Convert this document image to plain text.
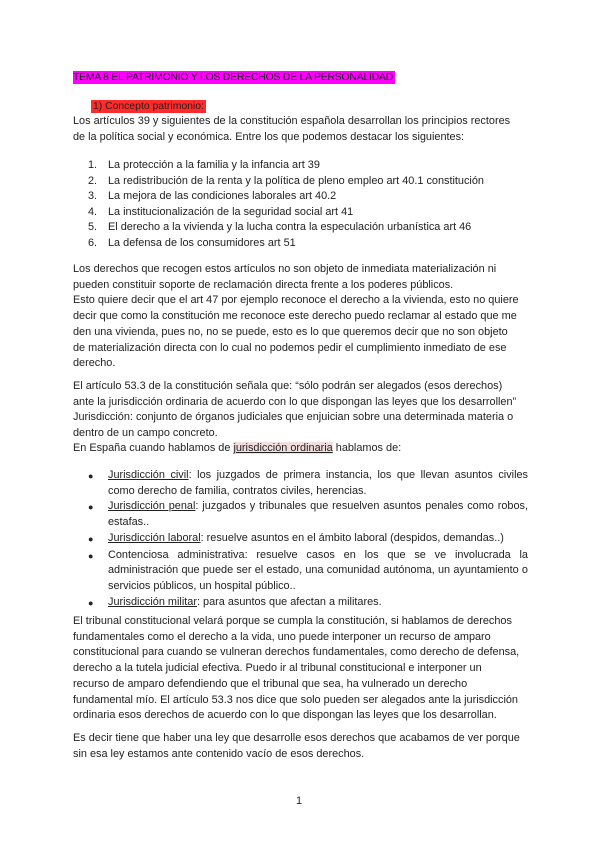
TEMA 8 EL PATRIMONIO Y LOS DERECHOS DE LA PERSONALIDAD
1) Concepto patrimonio:

Los artículos 39 y siguientes de la constitución española desarrollan los principios rectores
de la política social y económica. Entre los que podemos destacar los siguientes:

1.	La protección a la familia y la infancia art 39
2.	La redistribución de la renta y la política de pleno empleo art 40.1 constitución
3.	La mejora de las condiciones laborales art 40.2
4.	La institucionalización de la seguridad social art 41
5.	El derecho a la vivienda y la lucha contra la especulación urbanística art 46
6.	La defensa de los consumidores art 51

Los derechos que recogen estos artículos no son objeto de inmediata materialización ni
pueden constituir soporte de reclamación directa frente a los poderes públicos.
Esto quiere decir que el art 47 por ejemplo reconoce el derecho a la vivienda, esto no quiere
decir que como la constitución me reconoce este derecho puedo reclamar al estado que me
den una vivienda, pues no, no se puede, esto es lo que queremos decir que no son objeto
de materialización directa con lo cual no podemos pedir el cumplimiento inmediato de ese
derecho.

El artículo 53.3 de la constitución señala que: “sólo podrán ser alegados (esos derechos)
ante la jurisdicción ordinaria de acuerdo con lo que dispongan las leyes que los desarrollen”
Jurisdicción: conjunto de órganos judiciales que enjuician sobre una determinada materia o
dentro de un campo concreto.

En España cuando hablamos de jurisdicción ordinaria hablamos de:

●	Jurisdicción civil: los juzgados de primera instancia, los que llevan asuntos civiles como derecho de familia, contratos civiles, herencias.
●	Jurisdicción penal: juzgados y tribunales que resuelven asuntos penales como robos, estafas..
●	Jurisdicción laboral: resuelve asuntos en el ámbito laboral (despidos, demandas..)
●	Contenciosa administrativa: resuelve casos en los que se ve involucrada la administración que puede ser el estado, una comunidad autónoma, un ayuntamiento o servicios públicos, un hospital público..
●	Jurisdicción militar: para asuntos que afectan a militares.

El tribunal constitucional velará porque se cumpla la constitución, si hablamos de derechos
fundamentales como el derecho a la vida, uno puede interponer un recurso de amparo
constitucional para cuando se vulneran derechos fundamentales, como derecho de defensa,
derecho a la tutela judicial efectiva. Puedo ir al tribunal constitucional e interponer un
recurso de amparo defendiendo que el tribunal que sea, ha vulnerado un derecho
fundamental mío. El artículo 53.3 nos dice que solo pueden ser alegados ante la jurisdicción
ordinaria esos derechos de acuerdo con lo que dispongan las leyes que los desarrollan.

Es decir tiene que haber una ley que desarrolle esos derechos que acabamos de ver porque
sin esa ley estamos ante contenido vacío de esos derechos.

1
